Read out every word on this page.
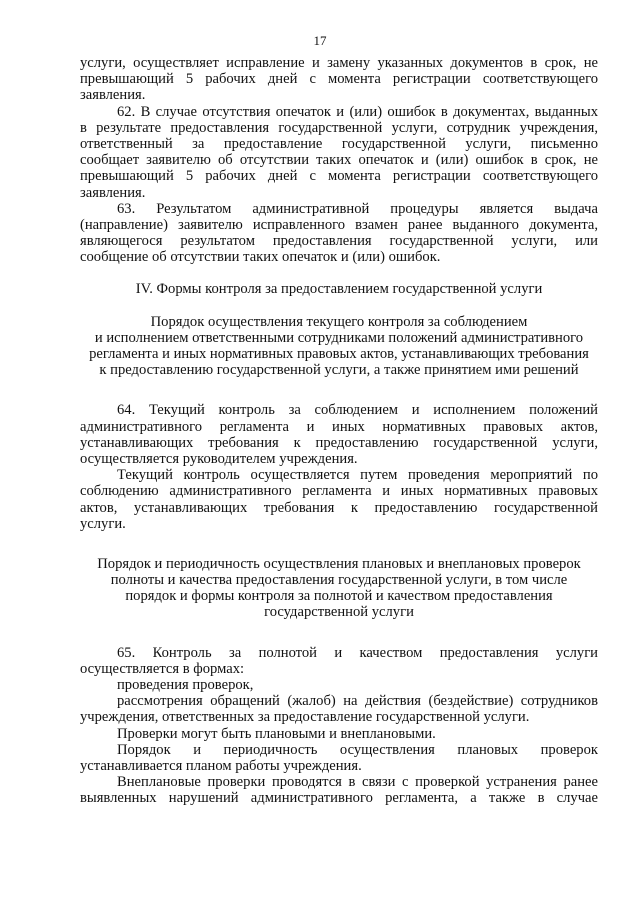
17
услуги, осуществляет исправление и замену указанных документов в срок, не
превышающий 5 рабочих дней с момента регистрации соответствующего
заявления.
62. В случае отсутствия опечаток и (или) ошибок в документах, выданных
в результате предоставления государственной услуги, сотрудник учреждения,
ответственный за предоставление государственной услуги, письменно
сообщает заявителю об отсутствии таких опечаток и (или) ошибок в срок, не
превышающий 5 рабочих дней с момента регистрации соответствующего
заявления.
63. Результатом административной процедуры является выдача
(направление) заявителю исправленного взамен ранее выданного документа,
являющегося результатом предоставления государственной услуги, или
сообщение об отсутствии таких опечаток и (или) ошибок.
IV. Формы контроля за предоставлением государственной услуги
Порядок осуществления текущего контроля за соблюдением
и исполнением ответственными сотрудниками положений административного
регламента и иных нормативных правовых актов, устанавливающих требования
к предоставлению государственной услуги, а также принятием ими решений
64. Текущий контроль за соблюдением и исполнением положений
административного регламента и иных нормативных правовых актов,
устанавливающих требования к предоставлению государственной услуги,
осуществляется руководителем учреждения.
Текущий контроль осуществляется путем проведения мероприятий по
соблюдению административного регламента и иных нормативных правовых
актов, устанавливающих требования к предоставлению государственной
услуги.
Порядок и периодичность осуществления плановых и внеплановых проверок
полноты и качества предоставления государственной услуги, в том числе
порядок и формы контроля за полнотой и качеством предоставления
государственной услуги
65. Контроль за полнотой и качеством предоставления услуги
осуществляется в формах:
проведения проверок,
рассмотрения обращений (жалоб) на действия (бездействие) сотрудников
учреждения, ответственных за предоставление государственной услуги.
Проверки могут быть плановыми и внеплановыми.
Порядок и периодичность осуществления плановых проверок
устанавливается планом работы учреждения.
Внеплановые проверки проводятся в связи с проверкой устранения ранее
выявленных нарушений административного регламента, а также в случае
